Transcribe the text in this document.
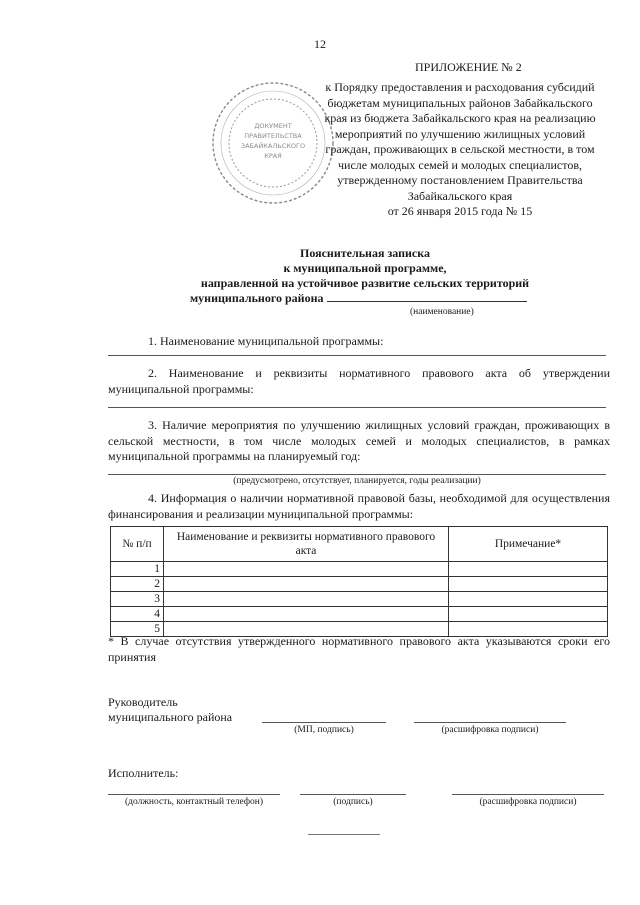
12
ПРИЛОЖЕНИЕ № 2
ДОКУМЕНТ
ПРАВИТЕЛЬСТВА
ЗАБАЙКАЛЬСКОГО
КРАЯ
к Порядку предоставления и расходования субсидий
бюджетам муниципальных районов Забайкальского
края из бюджета Забайкальского края на реализацию
мероприятий по улучшению жилищных условий
граждан, проживающих в сельской местности, в том
числе молодых семей и молодых специалистов,
утвержденному постановлением Правительства
Забайкальского края
от 26 января 2015 года № 15
Пояснительная записка
к муниципальной программе,
направленной на устойчивое развитие сельских территорий
муниципального района
(наименование)
1. Наименование муниципальной программы:
2. Наименование и реквизиты нормативного правового акта об утверждении муниципальной программы:
3. Наличие мероприятия по улучшению жилищных условий граждан, проживающих в сельской местности, в том числе молодых семей и молодых специалистов, в рамках муниципальной программы на планируемый год:
(предусмотрено, отсутствует, планируется, годы реализации)
4. Информация о наличии нормативной правовой базы, необходимой для осуществления финансирования и реализации муниципальной программы:
№ п/п	Наименование и реквизиты нормативного правового акта	Примечание*
1		
2		
3		
4		
5		
* В случае отсутствия утвержденного нормативного правового акта указываются сроки его принятия
Руководитель
муниципального района
(МП, подпись)	(расшифровка подписи)
Исполнитель:
(должность, контактный телефон)	(подпись)	(расшифровка подписи)
